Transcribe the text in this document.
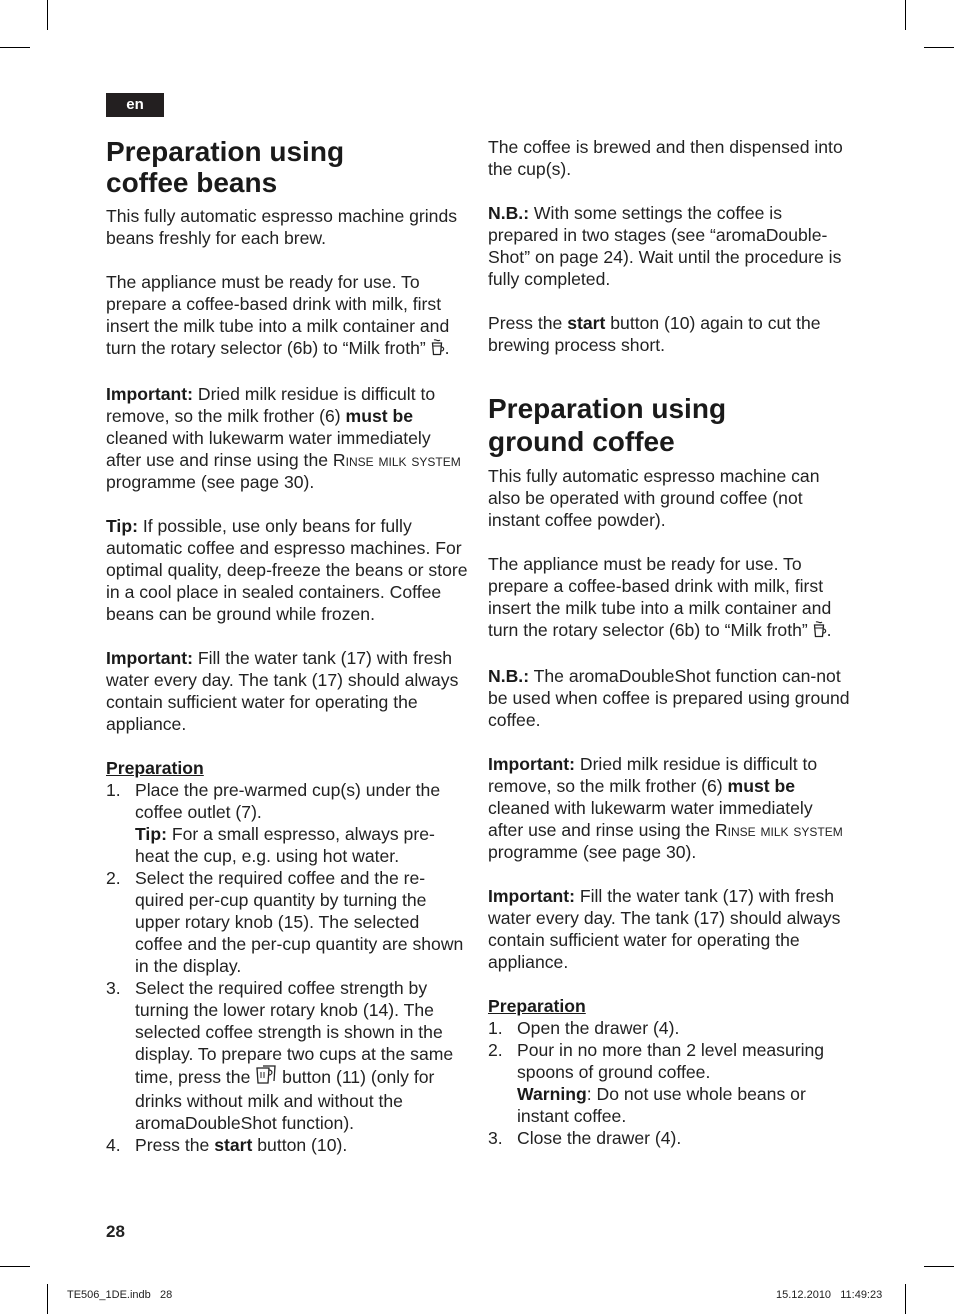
en
Preparation using
coffee beans

This fully automatic espresso machine grinds beans freshly for each brew.

The appliance must be ready for use. To prepare a coffee-based drink with milk, first insert the milk tube into a milk container and turn the rotary selector (6b) to “Milk froth” .

Important: Dried milk residue is difficult to remove, so the milk frother (6) must be cleaned with lukewarm water immediately after use and rinse using the Rinse milk system programme (see page 30).

Tip: If possible, use only beans for fully automatic coffee and espresso machines. For optimal quality, deep-freeze the beans or store in a cool place in sealed containers. Coffee beans can be ground while frozen.

Important: Fill the water tank (17) with fresh water every day. The tank (17) should always contain sufficient water for operating the appliance.

Preparation
1. Place the pre-warmed cup(s) under the coffee outlet (7).
Tip: For a small espresso, always pre-heat the cup, e.g. using hot water.
2. Select the required coffee and the re-quired per-cup quantity by turning the upper rotary knob (15). The selected coffee and the per-cup quantity are shown in the display.
3. Select the required coffee strength by turning the lower rotary knob (14). The selected coffee strength is shown in the display. To prepare two cups at the same time, press the  button (11) (only for drinks without milk and without the aromaDoubleShot function).
4. Press the start button (10).

The coffee is brewed and then dispensed into the cup(s).

N.B.: With some settings the coffee is prepared in two stages (see “aromaDouble-Shot” on page 24). Wait until the procedure is fully completed.

Press the start button (10) again to cut the brewing process short.

Preparation using
ground coffee

This fully automatic espresso machine can also be operated with ground coffee (not instant coffee powder).

The appliance must be ready for use. To prepare a coffee-based drink with milk, first insert the milk tube into a milk container and turn the rotary selector (6b) to “Milk froth” .

N.B.: The aromaDoubleShot function can-not be used when coffee is prepared using ground coffee.

Important: Dried milk residue is difficult to remove, so the milk frother (6) must be cleaned with lukewarm water immediately after use and rinse using the Rinse milk system programme (see page 30).

Important: Fill the water tank (17) with fresh water every day. The tank (17) should always contain sufficient water for operating the appliance.

Preparation
1. Open the drawer (4).
2. Pour in no more than 2 level measuring spoons of ground coffee.
Warning: Do not use whole beans or instant coffee.
3. Close the drawer (4).
28
TE506_1DE.indb   28	15.12.2010   11:49:23
